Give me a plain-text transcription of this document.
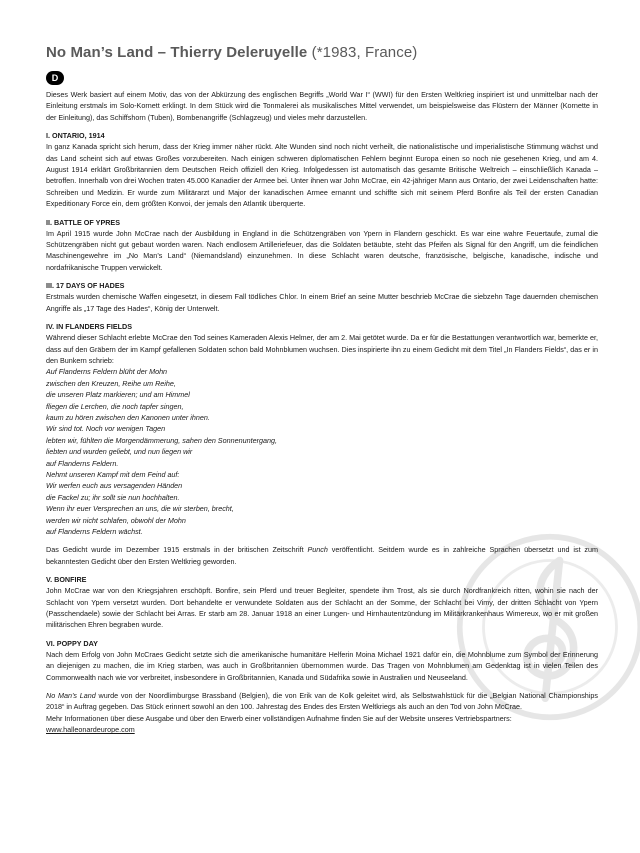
No Man’s Land – Thierry Deleruyelle (*1983, France)
D

Dieses Werk basiert auf einem Motiv, das von der Abkürzung des englischen Begriffs „World War I“ (WWI) für den Ersten Weltkrieg inspiriert ist und unmittelbar nach der Einleitung erstmals im Solo-Kornett erklingt. In dem Stück wird die Tonmalerei als musikalisches Mittel verwendet, um beispielsweise das Flüstern der Männer (Kornette in der Einleitung), das Schiffshorn (Tuben), Bombenangriffe (Schlagzeug) und vieles mehr darzustellen.

I. ONTARIO, 1914

In ganz Kanada spricht sich herum, dass der Krieg immer näher rückt. Alte Wunden sind noch nicht verheilt, die nationalistische und imperialistische Stimmung wächst und das Land scheint sich auf etwas Großes vorzubereiten. Nach einigen schweren diplomatischen Fehlern beginnt Europa einen so noch nie gesehenen Krieg, und am 4. August 1914 erklärt Großbritannien dem Deutschen Reich offiziell den Krieg. Infolgedessen ist automatisch das gesamte Britische Weltreich – einschließlich Kanada – betroffen. Innerhalb von drei Wochen traten 45.000 Kanadier der Armee bei. Unter ihnen war John McCrae, ein 42-jähriger Mann aus Ontario, der zwei Leidenschaften hatte: Schreiben und Medizin. Er wurde zum Militärarzt und Major der kanadischen Armee ernannt und schiffte sich mit seinem Pferd Bonfire als Teil der ersten Canadian Expeditionary Force ein, dem größten Konvoi, der jemals den Atlantik überquerte.

II. BATTLE OF YPRES

Im April 1915 wurde John McCrae nach der Ausbildung in England in die Schützengräben von Ypern in Flandern geschickt. Es war eine wahre Feuertaufe, zumal die Schützengräben nicht gut gebaut worden waren. Nach endlosem Artilleriefeuer, das die Soldaten betäubte, steht das Pfeifen als Signal für den Angriff, um die feindlichen Maschinengewehre im „No Man’s Land“ (Niemandsland) einzunehmen. In diese Schlacht waren deutsche, französische, belgische, kanadische, indische und nordafrikanische Truppen verwickelt.

III. 17 DAYS OF HADES

Erstmals wurden chemische Waffen eingesetzt, in diesem Fall tödliches Chlor. In einem Brief an seine Mutter beschrieb McCrae die siebzehn Tage dauernden chemischen Angriffe als „17 Tage des Hades“, König der Unterwelt.

IV. IN FLANDERS FIELDS

Während dieser Schlacht erlebte McCrae den Tod seines Kameraden Alexis Helmer, der am 2. Mai getötet wurde. Da er für die Bestattungen verantwortlich war, bemerkte er, dass auf den Gräbern der im Kampf gefallenen Soldaten schon bald Mohnblumen wuchsen. Dies inspirierte ihn zu einem Gedicht mit dem Titel „In Flanders Fields“, das er in den Bunkern schrieb:

Auf Flanderns Feldern blüht der Mohn
zwischen den Kreuzen, Reihe um Reihe,
die unseren Platz markieren; und am Himmel
fliegen die Lerchen, die noch tapfer singen,
kaum zu hören zwischen den Kanonen unter ihnen.
Wir sind tot. Noch vor wenigen Tagen
lebten wir, fühlten die Morgendämmerung, sahen den Sonnenuntergang,
liebten und wurden geliebt, und nun liegen wir
auf Flanderns Feldern.
Nehmt unseren Kampf mit dem Feind auf:
Wir werfen euch aus versagenden Händen
die Fackel zu; ihr sollt sie nun hochhalten.
Wenn ihr euer Versprechen an uns, die wir sterben, brecht,
werden wir nicht schlafen, obwohl der Mohn
auf Flanderns Feldern wächst.

Das Gedicht wurde im Dezember 1915 erstmals in der britischen Zeitschrift Punch veröffentlicht. Seitdem wurde es in zahlreiche Sprachen übersetzt und ist zum bekanntesten Gedicht über den Ersten Weltkrieg geworden.

V. BONFIRE

John McCrae war von den Kriegsjahren erschöpft. Bonfire, sein Pferd und treuer Begleiter, spendete ihm Trost, als sie durch Nordfrankreich ritten, wohin sie nach der Schlacht von Ypern versetzt wurden. Dort behandelte er verwundete Soldaten aus der Schlacht an der Somme, der Schlacht bei Vimy, der dritten Schlacht von Ypern (Passchendaele) sowie der Schlacht bei Arras. Er starb am 28. Januar 1918 an einer Lungen- und Hirnhautentzündung im Militärkrankenhaus Wimereux, wo er mit großen militärischen Ehren begraben wurde.

VI. POPPY DAY

Nach dem Erfolg von John McCraes Gedicht setzte sich die amerikanische humanitäre Helferin Moina Michael 1921 dafür ein, die Mohnblume zum Symbol der Erinnerung an diejenigen zu machen, die im Krieg starben, was auch in Großbritannien übernommen wurde. Das Tragen von Mohnblumen am Gedenktag ist in vielen Teilen des Commonwealth nach wie vor verbreitet, insbesondere in Großbritannien, Kanada und Südafrika sowie in Australien und Neuseeland.

No Man’s Land wurde von der Noordlimburgse Brassband (Belgien), die von Erik van de Kolk geleitet wird, als Selbstwahlstück für die „Belgian National Championships 2018“ in Auftrag gegeben. Das Stück erinnert sowohl an den 100. Jahrestag des Endes des Ersten Weltkriegs als auch an den Tod von John McCrae.

Mehr Informationen über diese Ausgabe und über den Erwerb einer vollständigen Aufnahme finden Sie auf der Website unseres Vertriebspartners:
www.halleonardeurope.com
